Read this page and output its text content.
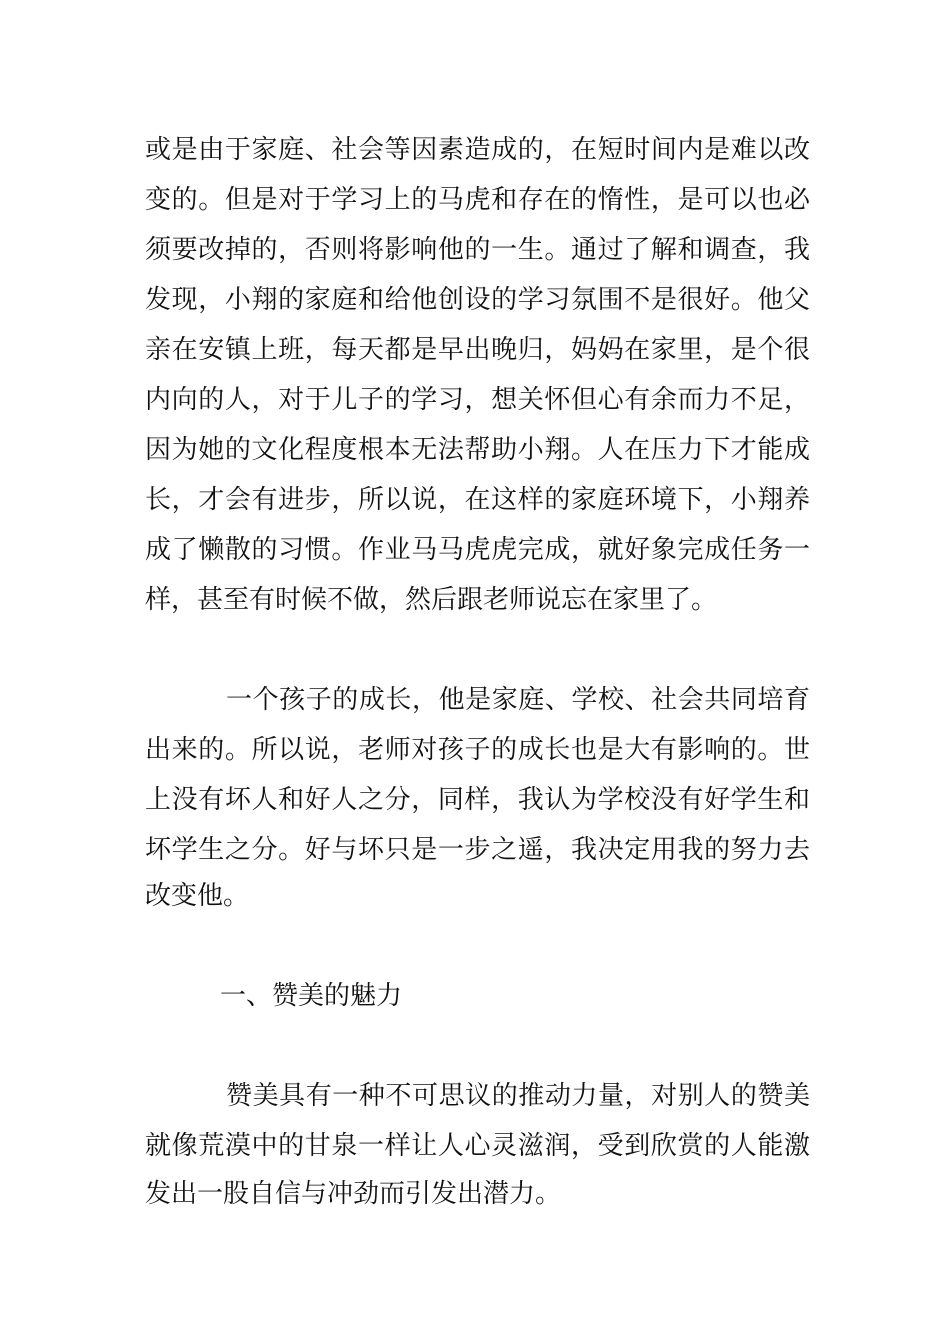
或是由于家庭、社会等因素造成的，在短时间内是难以改
变的。但是对于学习上的马虎和存在的惰性，是可以也必
须要改掉的，否则将影响他的一生。通过了解和调查，我
发现，小翔的家庭和给他创设的学习氛围不是很好。他父
亲在安镇上班，每天都是早出晚归，妈妈在家里，是个很
内向的人，对于儿子的学习，想关怀但心有余而力不足，
因为她的文化程度根本无法帮助小翔。人在压力下才能成
长，才会有进步，所以说，在这样的家庭环境下，小翔养
成了懒散的习惯。作业马马虎虎完成，就好象完成任务一
样，甚至有时候不做，然后跟老师说忘在家里了。
一个孩子的成长，他是家庭、学校、社会共同培育
出来的。所以说，老师对孩子的成长也是大有影响的。世
上没有坏人和好人之分，同样，我认为学校没有好学生和
坏学生之分。好与坏只是一步之遥，我决定用我的努力去
改变他。
一、赞美的魅力
赞美具有一种不可思议的推动力量，对别人的赞美
就像荒漠中的甘泉一样让人心灵滋润，受到欣赏的人能激
发出一股自信与冲劲而引发出潜力。
